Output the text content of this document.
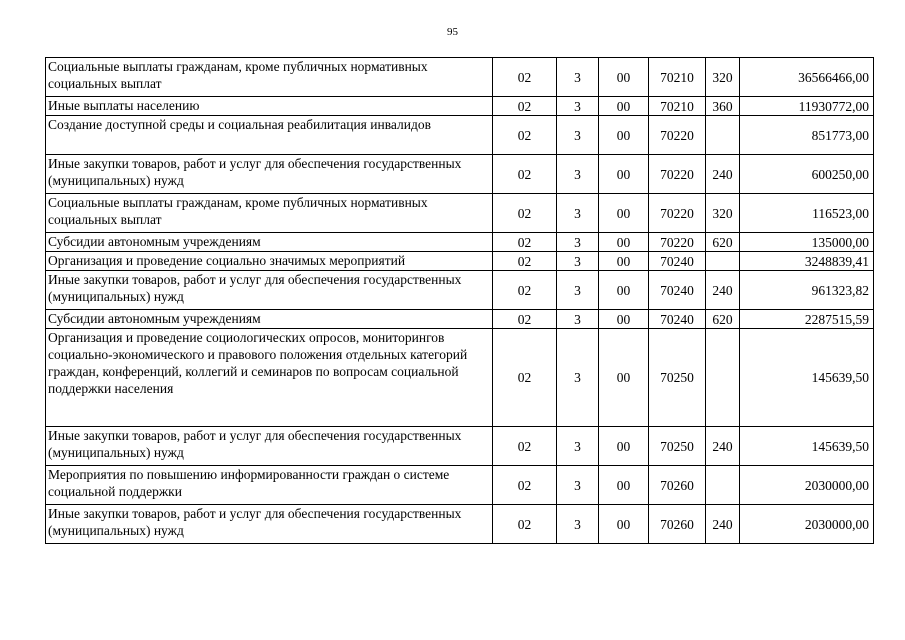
95
Социальные выплаты гражданам, кроме публичных нормативных социальных выплат	02	3	00	70210	320	36566466,00
Иные выплаты населению	02	3	00	70210	360	11930772,00
Создание доступной среды и социальная реабилитация инвалидов	02	3	00	70220		851773,00
Иные закупки товаров, работ и услуг для обеспечения государственных (муниципальных) нужд	02	3	00	70220	240	600250,00
Социальные выплаты гражданам, кроме публичных нормативных социальных выплат	02	3	00	70220	320	116523,00
Субсидии автономным учреждениям	02	3	00	70220	620	135000,00
Организация и проведение социально значимых мероприятий	02	3	00	70240		3248839,41
Иные закупки товаров, работ и услуг для обеспечения государственных (муниципальных) нужд	02	3	00	70240	240	961323,82
Субсидии автономным учреждениям	02	3	00	70240	620	2287515,59
Организация и проведение социологических опросов, мониторингов социально-экономического и правового положения отдельных категорий граждан, конференций, коллегий и семинаров по вопросам социальной поддержки населения	02	3	00	70250		145639,50
Иные закупки товаров, работ и услуг для обеспечения государственных (муниципальных) нужд	02	3	00	70250	240	145639,50
Мероприятия по повышению информированности граждан о системе социальной поддержки	02	3	00	70260		2030000,00
Иные закупки товаров, работ и услуг для обеспечения государственных (муниципальных) нужд	02	3	00	70260	240	2030000,00
